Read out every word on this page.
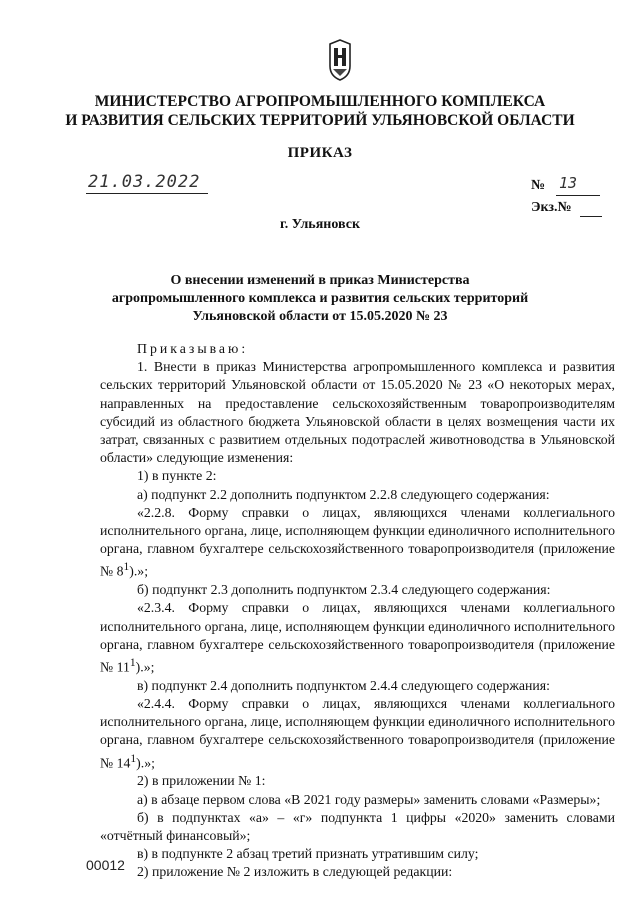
МИНИСТЕРСТВО АГРОПРОМЫШЛЕННОГО КОМПЛЕКСА
И РАЗВИТИЯ СЕЛЬСКИХ ТЕРРИТОРИЙ УЛЬЯНОВСКОЙ ОБЛАСТИ
ПРИКАЗ
21.03.2022	№ 13
Экз.№
г. Ульяновск
О внесении изменений в приказ Министерства
агропромышленного комплекса и развития сельских территорий
Ульяновской области от 15.05.2020 № 23

Приказываю:

1. Внести в приказ Министерства агропромышленного комплекса и развития сельских территорий Ульяновской области от 15.05.2020 № 23 «О некоторых мерах, направленных на предоставление сельскохозяйственным товаропроизводителям субсидий из областного бюджета Ульяновской области в целях возмещения части их затрат, связанных с развитием отдельных подотраслей животноводства в Ульяновской области» следующие изменения:

1) в пункте 2:

а) подпункт 2.2 дополнить подпунктом 2.2.8 следующего содержания:

«2.2.8. Форму справки о лицах, являющихся членами коллегиального исполнительного органа, лице, исполняющем функции единоличного исполнительного органа, главном бухгалтере сельскохозяйственного товаропроизводителя (приложение № $8^1$).»;

б) подпункт 2.3 дополнить подпунктом 2.3.4 следующего содержания:

«2.3.4. Форму справки о лицах, являющихся членами коллегиального исполнительного органа, лице, исполняющем функции единоличного исполнительного органа, главном бухгалтере сельскохозяйственного товаропроизводителя (приложение № $11^1$).»;

в) подпункт 2.4 дополнить подпунктом 2.4.4 следующего содержания:

«2.4.4. Форму справки о лицах, являющихся членами коллегиального исполнительного органа, лице, исполняющем функции единоличного исполнительного органа, главном бухгалтере сельскохозяйственного товаропроизводителя (приложение № $14^1$).»;

2) в приложении № 1:

а) в абзаце первом слова «В 2021 году размеры» заменить словами «Размеры»;

б) в подпунктах «а» – «г» подпункта 1 цифры «2020» заменить словами «отчётный финансовый»;

в) в подпункте 2 абзац третий признать утратившим силу;

2) приложение № 2 изложить в следующей редакции:

00012
